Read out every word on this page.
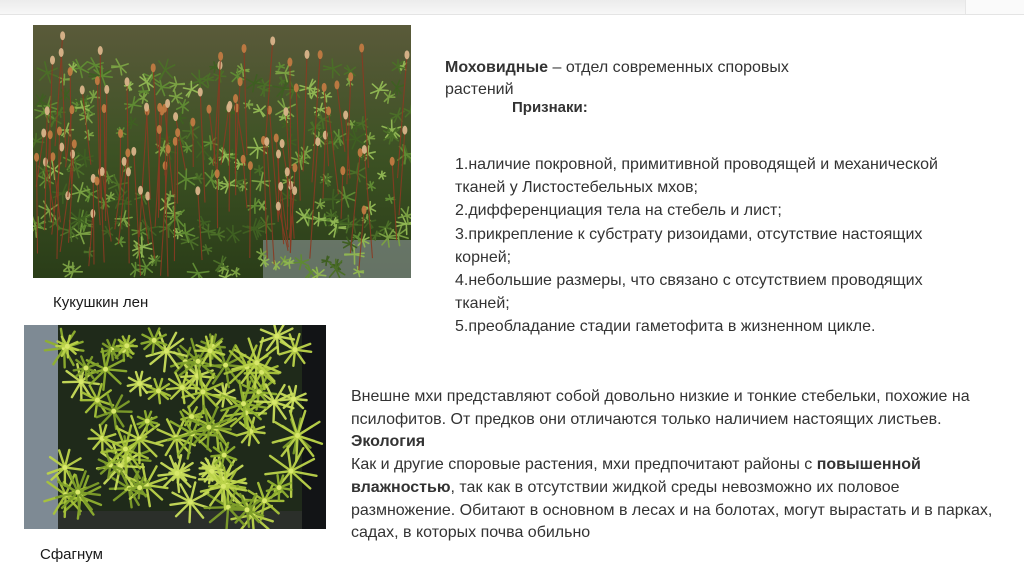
Кукушкин лен
Сфагнум
Моховидные – отдел современных споровых растений
Признаки:
1.наличие покровной, примитивной проводящей и механической тканей у Листостебельных мхов;
2.дифференциация тела на стебель и лист;
3.прикрепление к субстрату ризоидами, отсутствие настоящих корней;
4.небольшие размеры, что связано с отсутствием проводящих тканей;
5.преобладание стадии гаметофита в жизненном цикле.

Внешне мхи представляют собой довольно низкие и тонкие стебельки, похожие на псилофитов. От предков они отличаются только наличием настоящих листьев.

Экология

Как и другие споровые растения, мхи предпочитают районы с повышенной влажностью, так как в отсутствии жидкой среды невозможно их половое размножение. Обитают в основном в лесах и на болотах, могут вырастать и в парках, садах, в которых почва обильно
